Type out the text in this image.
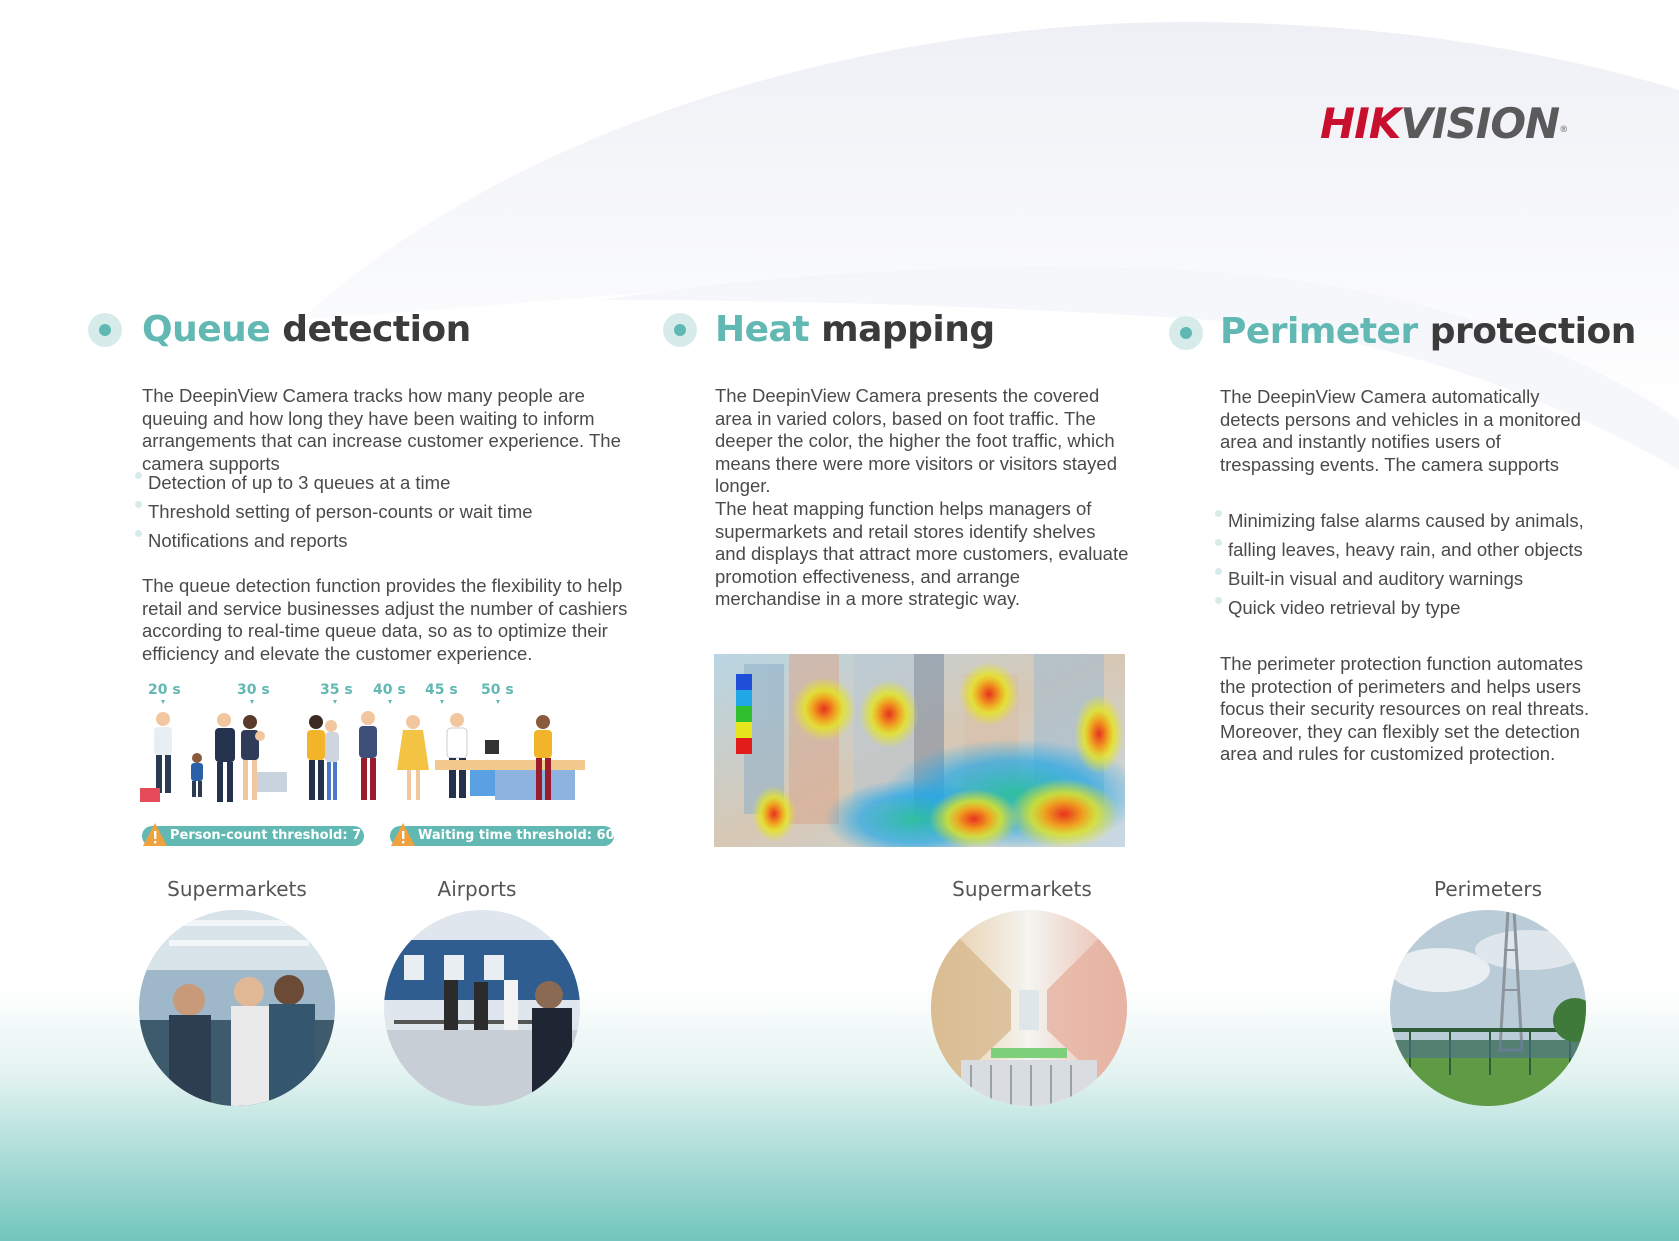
HIKVISION®
Queue detection

The DeepinView Camera tracks how many people are queuing and how long they have been waiting to inform arrangements that can increase customer experience. The camera supports

Detection of up to 3 queues at a time
Threshold setting of person-counts or wait time
Notifications and reports

The queue detection function provides the flexibility to help retail and service businesses adjust the number of cashiers according to real-time queue data, so as to optimize their efficiency and elevate the customer experience.

20 s	30 s	35 s 40 s 45 s 50 s
Person-count threshold: 7	Waiting time threshold: 60 s
Heat mapping

The DeepinView Camera presents the covered area in varied colors, based on foot traffic. The deeper the color, the higher the foot traffic, which means there were more visitors or visitors stayed longer.

The heat mapping function helps managers of supermarkets and retail stores identify shelves and displays that attract more customers, evaluate promotion effectiveness, and arrange merchandise in a more strategic way.

Perimeter protection

The DeepinView Camera automatically detects persons and vehicles in a monitored area and instantly notifies users of trespassing events. The camera supports

Minimizing false alarms caused by animals,
falling leaves, heavy rain, and other objects
Built-in visual and auditory warnings
Quick video retrieval by type

The perimeter protection function automates the protection of perimeters and helps users focus their security resources on real threats. Moreover, they can flexibly set the detection area and rules for customized protection.

Supermarkets	Airports	Supermarkets	Perimeters
